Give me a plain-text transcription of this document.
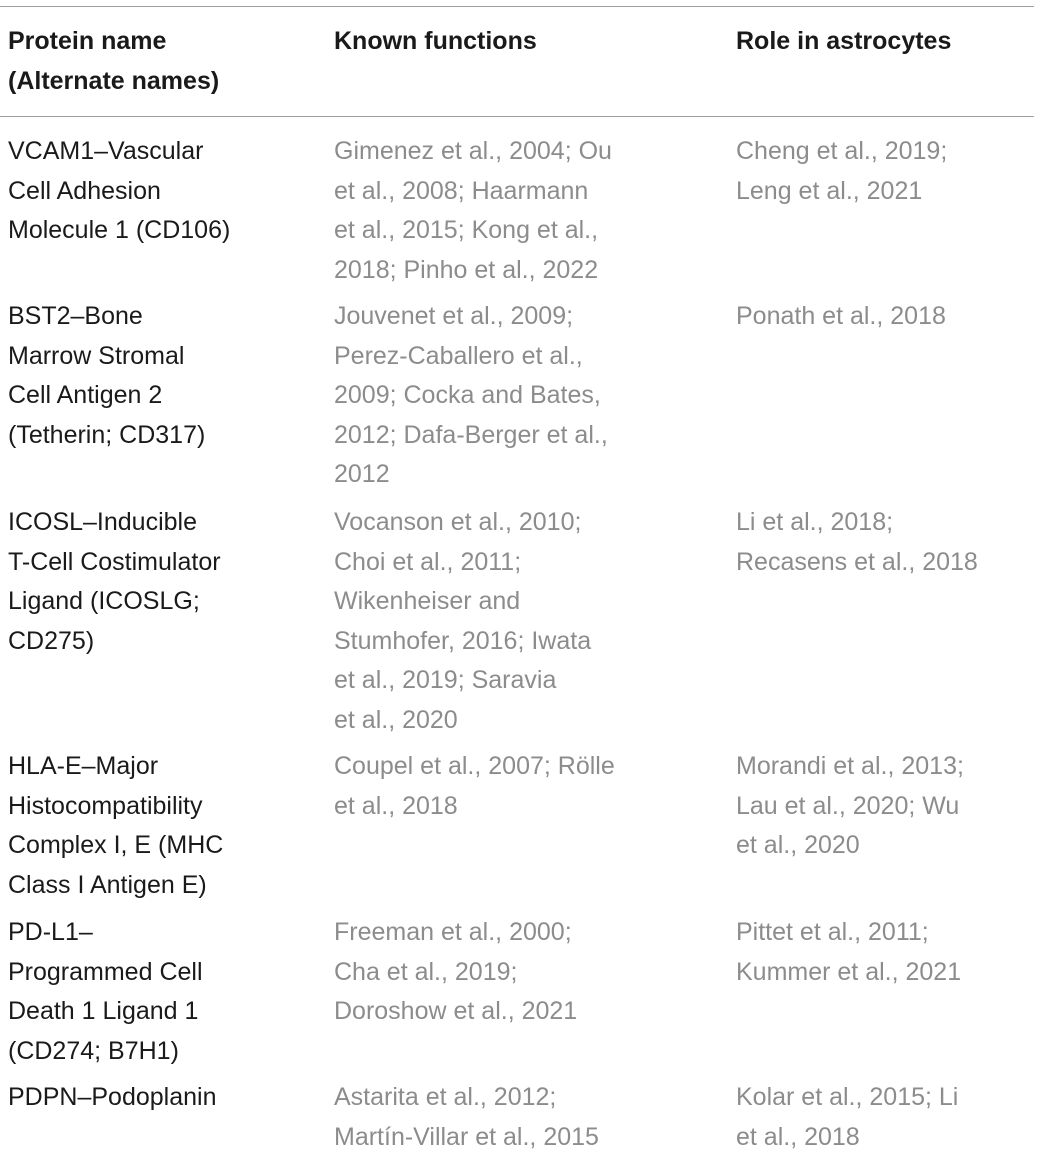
Protein name
(Alternate names)
Known functions	Role in astrocytes
VCAM1–Vascular
Cell Adhesion
Molecule 1 (CD106)
Gimenez et al., 2004; Ou
et al., 2008; Haarmann
et al., 2015; Kong et al.,
2018; Pinho et al., 2022
Cheng et al., 2019;
Leng et al., 2021
BST2–Bone
Marrow Stromal
Cell Antigen 2
(Tetherin; CD317)
Jouvenet et al., 2009;
Perez-Caballero et al.,
2009; Cocka and Bates,
2012; Dafa-Berger et al.,
2012
Ponath et al., 2018
ICOSL–Inducible
T-Cell Costimulator
Ligand (ICOSLG;
CD275)
Vocanson et al., 2010;
Choi et al., 2011;
Wikenheiser and
Stumhofer, 2016; Iwata
et al., 2019; Saravia
et al., 2020
Li et al., 2018;
Recasens et al., 2018
HLA-E–Major
Histocompatibility
Complex I, E (MHC
Class I Antigen E)
Coupel et al., 2007; Rölle
et al., 2018
Morandi et al., 2013;
Lau et al., 2020; Wu
et al., 2020
PD-L1–
Programmed Cell
Death 1 Ligand 1
(CD274; B7H1)
Freeman et al., 2000;
Cha et al., 2019;
Doroshow et al., 2021
Pittet et al., 2011;
Kummer et al., 2021
PDPN–Podoplanin	Astarita et al., 2012;
Martín-Villar et al., 2015
Kolar et al., 2015; Li
et al., 2018
